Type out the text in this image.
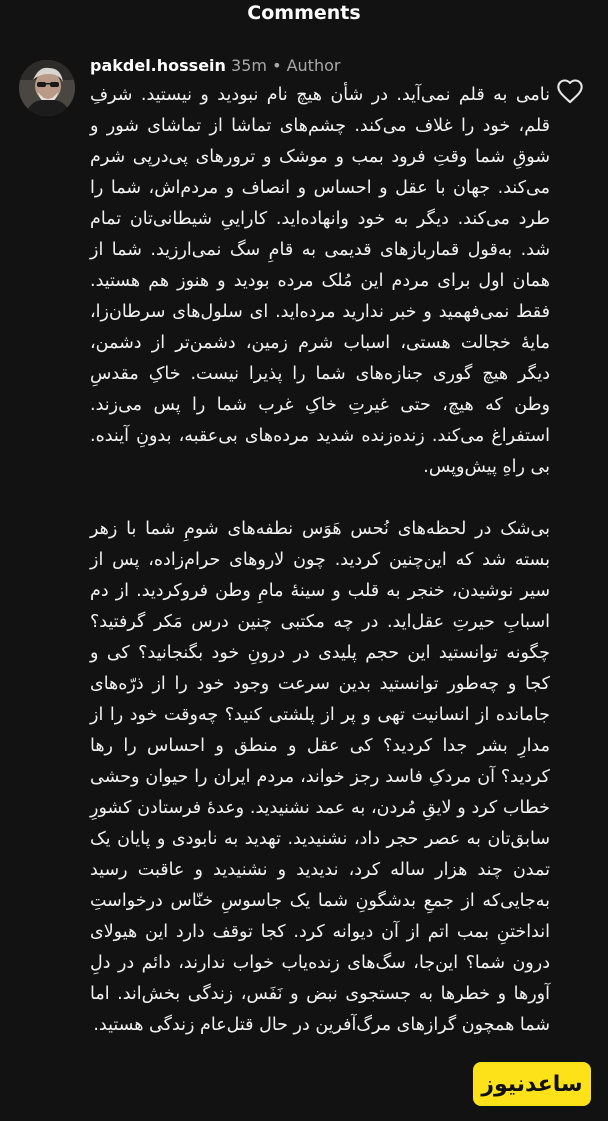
Comments
pakdel.hossein 35m • Author

نامی به قلم نمی‌آید. در شأن هیچ نام نبودید و نیستید. شرفِ قلم، خود را غلاف می‌کند. چشم‌های تماشا از تماشای شور و شوقِ شما وقتِ فرود بمب و موشک و ترورهای پی‌درپی شرم می‌کند. جهان با عقل و احساس و انصاف و مردم‌اش، شما را طرد می‌کند. دیگر به خود وانهاده‌اید. کاراییِ شیطانی‌تان تمام شد. به‌قول قماربازهای قدیمی به قامِ سگ نمی‌ارزید. شما از همان اول برای مردم این مُلک مرده بودید و هنوز هم هستید. فقط نمی‌فهمید و خبر ندارید مرده‌اید. ای سلول‌های سرطان‌زا، مایهٔ خجالت هستی، اسباب شرم زمین، دشمن‌تر از دشمن، دیگر هیچ گوری جنازه‌های شما را پذیرا نیست. خاکِ مقدسِ وطن که هیچ، حتی غیرتِ خاکِ غرب شما را پس می‌زند. استفراغ می‌کند. زنده‌زنده شدید مرده‌های بی‌عقبه، بدونِ آینده. بی راهِ پیش‌وپس.

بی‌شک در لحظه‌های نُحس هَوَس نطفه‌های شومِ شما با زهر بسته شد که این‌چنین کردید. چون لاروهای حرام‌زاده، پس از سیر نوشیدن، خنجر به قلب و سینهٔ مامِ وطن فروکردید. از دم اسبابِ حیرتِ عقل‌اید. در چه مکتبی چنین درس مَکر گرفتید؟ چگونه توانستید این حجم پلیدی در درونِ خود بگنجانید؟ کی و کجا و چه‌طور توانستید بدین سرعت وجود خود را از ذرّه‌های جامانده از انسانیت تهی و پر از پلشتی کنید؟ چه‌وقت خود را از مدارِ بشر جدا کردید؟ کی عقل و منطق و احساس را رها کردید؟ آن مردکِ فاسد رجز خواند، مردم ایران را حیوان وحشی خطاب کرد و لایقِ مُردن، به عمد نشنیدید. وعدهٔ فرستادن کشورِ سابق‌تان به عصر حجر داد، نشنیدید. تهدید به نابودی و پایان یک تمدن چند هزار ساله کرد، ندیدید و نشنیدید و عاقبت رسید به‌جایی‌که از جمعِ بدشگونِ شما یک جاسوسِ خنّاس درخواستِ انداختنِ بمب اتم از آن دیوانه کرد. کجا توقف دارد این هیولای درون شما؟ این‌جا، سگ‌های زنده‌یاب خواب ندارند، دائم در دلِ آورها و خطرها به جستجوی نبض و نَفَس، زندگی بخش‌اند. اما شما همچون گرازهای مرگ‌آفرین در حال قتل‌عام زندگی هستید.

ساعدنیوز
